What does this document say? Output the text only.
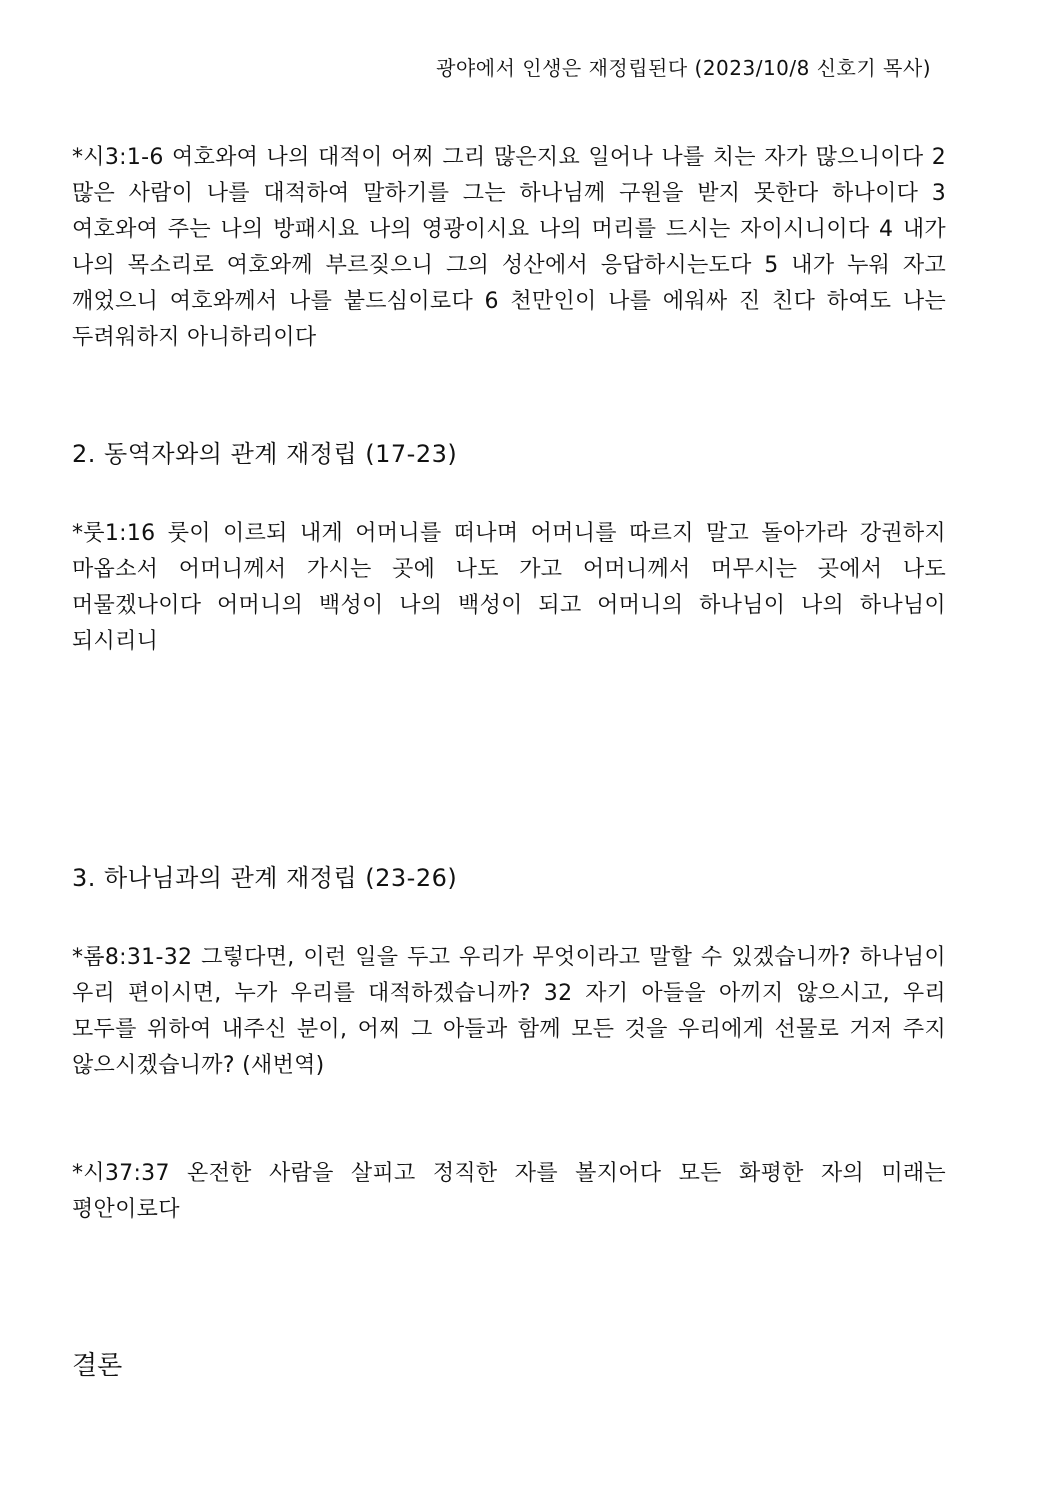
광야에서 인생은 재정립된다 (2023/10/8 신호기 목사)
*시3:1-6 여호와여 나의 대적이 어찌 그리 많은지요 일어나 나를 치는 자가 많으니이다 2 많은 사람이 나를 대적하여 말하기를 그는 하나님께 구원을 받지 못한다 하나이다 3 여호와여 주는 나의 방패시요 나의 영광이시요 나의 머리를 드시는 자이시니이다 4 내가 나의 목소리로 여호와께 부르짖으니 그의 성산에서 응답하시는도다 5 내가 누워 자고 깨었으니 여호와께서 나를 붙드심이로다 6 천만인이 나를 에워싸 진 친다 하여도 나는 두려워하지 아니하리이다
2. 동역자와의 관계 재정립 (17-23)
*룻1:16 룻이 이르되 내게 어머니를 떠나며 어머니를 따르지 말고 돌아가라 강권하지 마옵소서 어머니께서 가시는 곳에 나도 가고 어머니께서 머무시는 곳에서 나도 머물겠나이다 어머니의 백성이 나의 백성이 되고 어머니의 하나님이 나의 하나님이 되시리니
3. 하나님과의 관계 재정립 (23-26)
*롬8:31-32 그렇다면, 이런 일을 두고 우리가 무엇이라고 말할 수 있겠습니까? 하나님이 우리 편이시면, 누가 우리를 대적하겠습니까? 32 자기 아들을 아끼지 않으시고, 우리 모두를 위하여 내주신 분이, 어찌 그 아들과 함께 모든 것을 우리에게 선물로 거저 주지 않으시겠습니까? (새번역)
*시37:37 온전한 사람을 살피고 정직한 자를 볼지어다 모든 화평한 자의 미래는 평안이로다
결론
